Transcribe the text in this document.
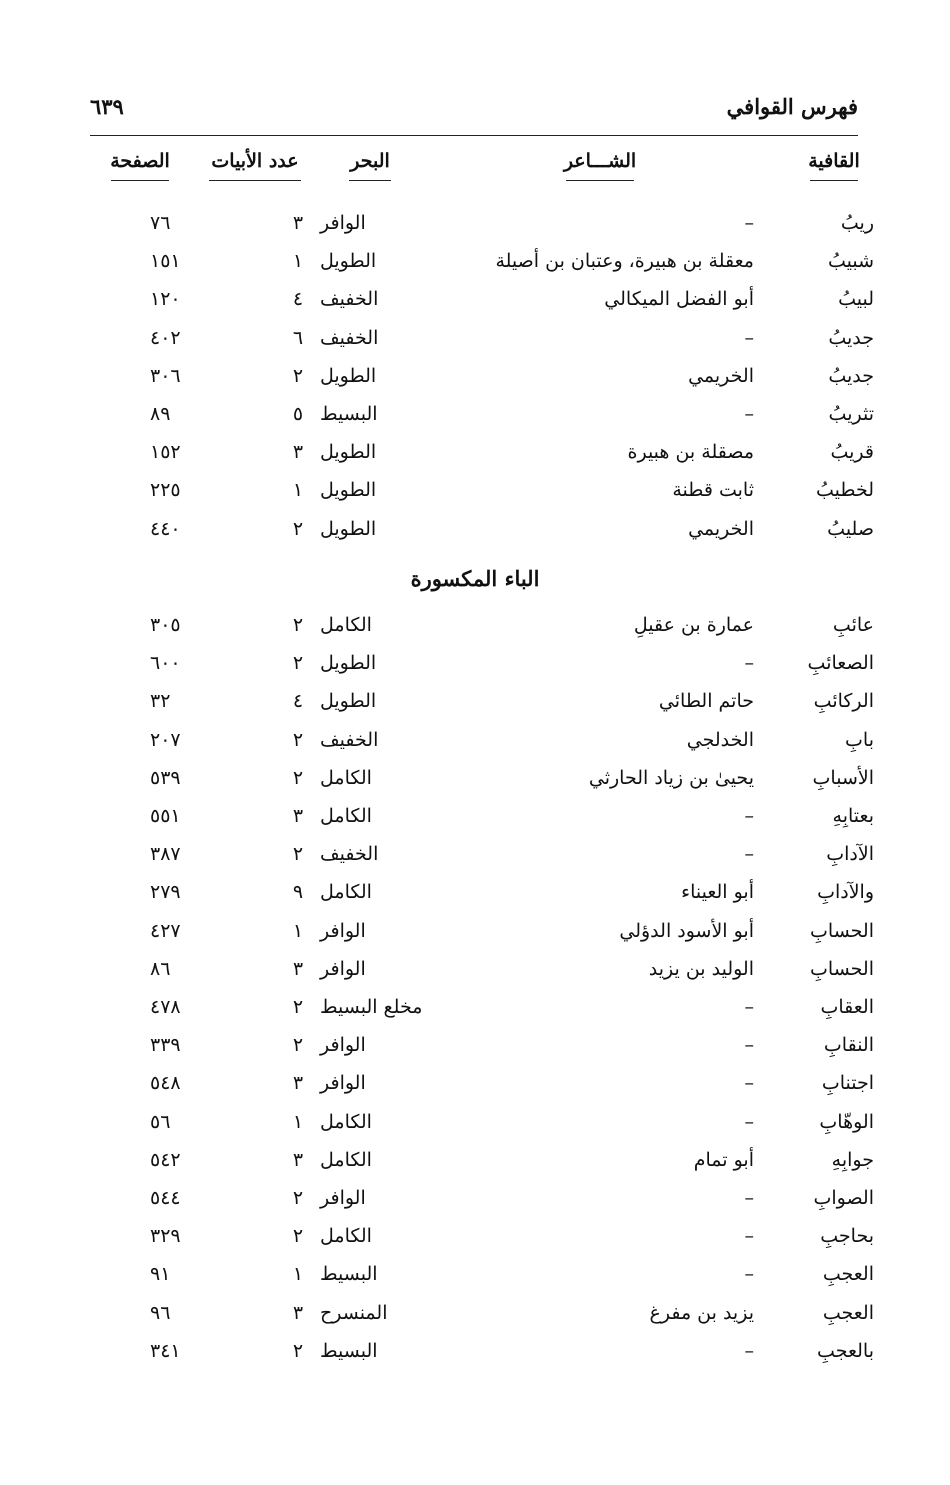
فهرس القوافي
٦٣٩
القافية
الشـــاعر
البحر
عدد الأبيات
الصفحة
ريبُ
–
الوافر
٣
٧٦
شبيبُ
معقلة بن هبيرة، وعتبان بن أصيلة
الطويل
١
١٥١
لبيبُ
أبو الفضل الميكالي
الخفيف
٤
١٢٠
جديبُ
–
الخفيف
٦
٤٠٢
جديبُ
الخريمي
الطويل
٢
٣٠٦
تثريبُ
–
البسيط
٥
٨٩
قريبُ
مصقلة بن هبيرة
الطويل
٣
١٥٢
لخطيبُ
ثابت قطنة
الطويل
١
٢٢٥
صليبُ
الخريمي
الطويل
٢
٤٤٠
الباء المكسورة
عائبِ
عمارة بن عقيلِ
الكامل
٢
٣٠٥
الصعائبِ
–
الطويل
٢
٦٠٠
الركائبِ
حاتم الطائي
الطويل
٤
٣٢
بابِ
الخدلجي
الخفيف
٢
٢٠٧
الأسبابِ
يحيىٰ بن زياد الحارثي
الكامل
٢
٥٣٩
بعتابِهِ
–
الكامل
٣
٥٥١
الآدابِ
–
الخفيف
٢
٣٨٧
والآدابِ
أبو العيناء
الكامل
٩
٢٧٩
الحسابِ
أبو الأسود الدؤلي
الوافر
١
٤٢٧
الحسابِ
الوليد بن يزيد
الوافر
٣
٨٦
العقابِ
–
مخلع البسيط
٢
٤٧٨
النقابِ
–
الوافر
٢
٣٣٩
اجتنابِ
–
الوافر
٣
٥٤٨
الوهّابِ
–
الكامل
١
٥٦
جوابِهِ
أبو تمام
الكامل
٣
٥٤٢
الصوابِ
–
الوافر
٢
٥٤٤
بحاجبِ
–
الكامل
٢
٣٢٩
العجبِ
–
البسيط
١
٩١
العجبِ
يزيد بن مفرغ
المنسرح
٣
٩٦
بالعجبِ
–
البسيط
٢
٣٤١
